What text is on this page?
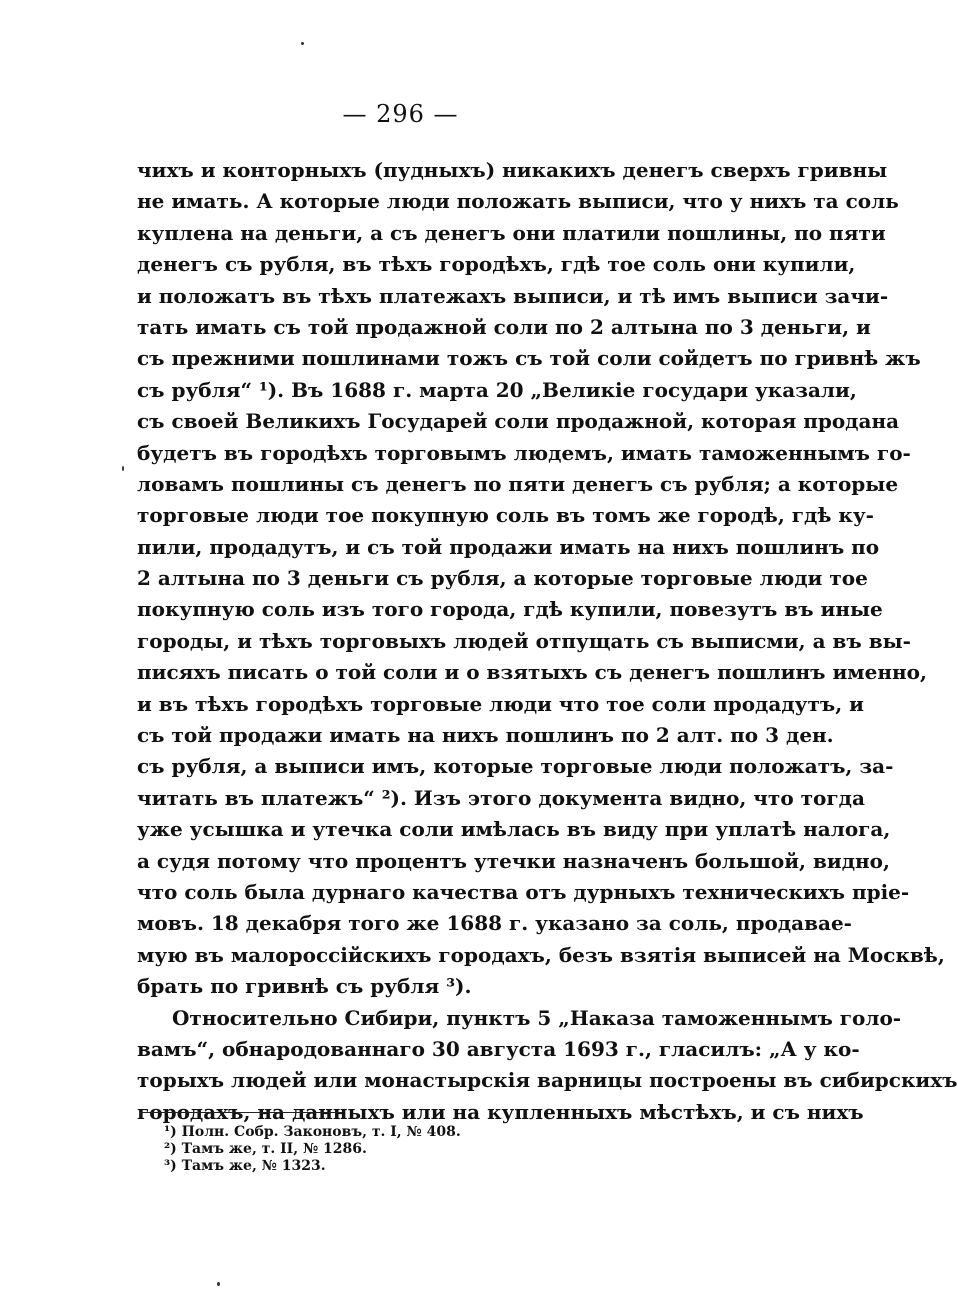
— 296 —
чихъ и конторныхъ (пудныхъ) никакихъ денегъ сверхъ гривны
не имать. А которые люди положать выписи, что у нихъ та соль
куплена на деньги, а съ денегъ они платили пошлины, по пяти
денегъ съ рубля, въ тѣхъ городѣхъ, гдѣ тое соль они купили,
и положатъ въ тѣхъ платежахъ выписи, и тѣ имъ выписи зачи-
тать имать съ той продажной соли по 2 алтына по 3 деньги, и
съ прежними пошлинами тожъ съ той соли сойдетъ по гривнѣ жъ
съ рубля“ ¹). Въ 1688 г. марта 20 „Великіе государи указали,
съ своей Великихъ Государей соли продажной, которая продана
будетъ въ городѣхъ торговымъ людемъ, имать таможеннымъ го-
ловамъ пошлины съ денегъ по пяти денегъ съ рубля; а которые
торговые люди тое покупную соль въ томъ же городѣ, гдѣ ку-
пили, продадутъ, и съ той продажи имать на нихъ пошлинъ по
2 алтына по 3 деньги съ рубля, а которые торговые люди тое
покупную соль изъ того города, гдѣ купили, повезутъ въ иные
городы, и тѣхъ торговыхъ людей отпущать съ выписми, а въ вы-
писяхъ писать о той соли и о взятыхъ съ денегъ пошлинъ именно,
и въ тѣхъ городѣхъ торговые люди что тое соли продадутъ, и
съ той продажи имать на нихъ пошлинъ по 2 алт. по 3 ден.
съ рубля, а выписи имъ, которые торговые люди положатъ, за-
читать въ платежъ“ ²). Изъ этого документа видно, что тогда
уже усышка и утечка соли имѣлась въ виду при уплатѣ налога,
а судя потому что процентъ утечки назначенъ большой, видно,
что соль была дурнаго качества отъ дурныхъ техническихъ пріе-
мовъ. 18 декабря того же 1688 г. указано за соль, продавае-
мую въ малороссійскихъ городахъ, безъ взятія выписей на Москвѣ,
брать по гривнѣ съ рубля ³).
Относительно Сибири, пунктъ 5 „Наказа таможеннымъ голо-
вамъ“, обнародованнаго 30 августа 1693 г., гласилъ: „А у ко-
торыхъ людей или монастырскія варницы построены въ сибирскихъ
городахъ, на данныхъ или на купленныхъ мѣстѣхъ, и съ нихъ
¹) Полн. Собр. Законовъ, т. I, № 408.
²) Тамъ же, т. II, № 1286.
³) Тамъ же, № 1323.
